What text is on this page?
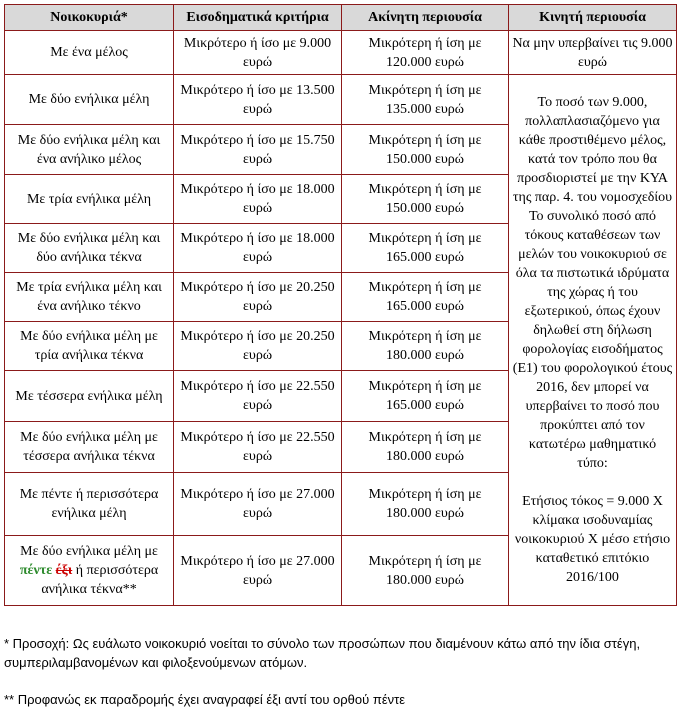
Νοικοκυριά*	Εισοδηματικά κριτήρια	Ακίνητη περιουσία	Κινητή περιουσία
Με ένα μέλος	Μικρότερο ή ίσο με 9.000 ευρώ	Μικρότερη ή ίση με 120.000 ευρώ	Να μην υπερβαίνει τις 9.000 ευρώ
Με δύο ενήλικα μέλη	Μικρότερο ή ίσο με 13.500 ευρώ	Μικρότερη ή ίση με 135.000 ευρώ	Το ποσό των 9.000, πολλαπλασιαζόμενο για κάθε προστιθέμενο μέλος, κατά τον τρόπο που θα προσδιοριστεί με την ΚΥΑ της παρ. 4. του νομοσχεδίου
Το συνολικό ποσό από τόκους καταθέσεων των μελών του νοικοκυριού σε όλα τα πιστωτικά ιδρύματα της χώρας ή του εξωτερικού, όπως έχουν δηλωθεί στη δήλωση φορολογίας εισοδήματος (Ε1) του φορολογικού έτους 2016, δεν μπορεί να υπερβαίνει το ποσό που προκύπτει από τον κατωτέρω μαθηματικό τύπο:
Ετήσιος τόκος = 9.000 Χ κλίμακα ισοδυναμίας νοικοκυριού Χ μέσο ετήσιο καταθετικό επιτόκιο 2016/100
Με δύο ενήλικα μέλη και ένα ανήλικο μέλος	Μικρότερο ή ίσο με 15.750 ευρώ	Μικρότερη ή ίση με 150.000 ευρώ	
Με τρία ενήλικα μέλη	Μικρότερο ή ίσο με 18.000 ευρώ	Μικρότερη ή ίση με 150.000 ευρώ	
Με δύο ενήλικα μέλη και δύο ανήλικα τέκνα	Μικρότερο ή ίσο με 18.000 ευρώ	Μικρότερη ή ίση με 165.000 ευρώ	
Με τρία ενήλικα μέλη και ένα ανήλικο τέκνο	Μικρότερο ή ίσο με 20.250 ευρώ	Μικρότερη ή ίση με 165.000 ευρώ	
Με δύο ενήλικα μέλη με τρία ανήλικα τέκνα	Μικρότερο ή ίσο με 20.250 ευρώ	Μικρότερη ή ίση με 180.000 ευρώ	
Με τέσσερα ενήλικα μέλη	Μικρότερο ή ίσο με 22.550 ευρώ	Μικρότερη ή ίση με 165.000 ευρώ	
Με δύο ενήλικα μέλη με τέσσερα ανήλικα τέκνα	Μικρότερο ή ίσο με 22.550 ευρώ	Μικρότερη ή ίση με 180.000 ευρώ	
Με πέντε ή περισσότερα ενήλικα μέλη	Μικρότερο ή ίσο με 27.000 ευρώ	Μικρότερη ή ίση με 180.000 ευρώ	
Με δύο ενήλικα μέλη με πέντε έξι ή περισσότερα ανήλικα τέκνα**	Μικρότερο ή ίσο με 27.000 ευρώ	Μικρότερη ή ίση με 180.000 ευρώ	
* Προσοχή: Ως ευάλωτο νοικοκυριό νοείται το σύνολο των προσώπων που διαμένουν κάτω από την ίδια στέγη, συμπεριλαμβανομένων και φιλοξενούμενων ατόμων.
** Προφανώς εκ παραδρομής έχει αναγραφεί έξι αντί του ορθού πέντε
